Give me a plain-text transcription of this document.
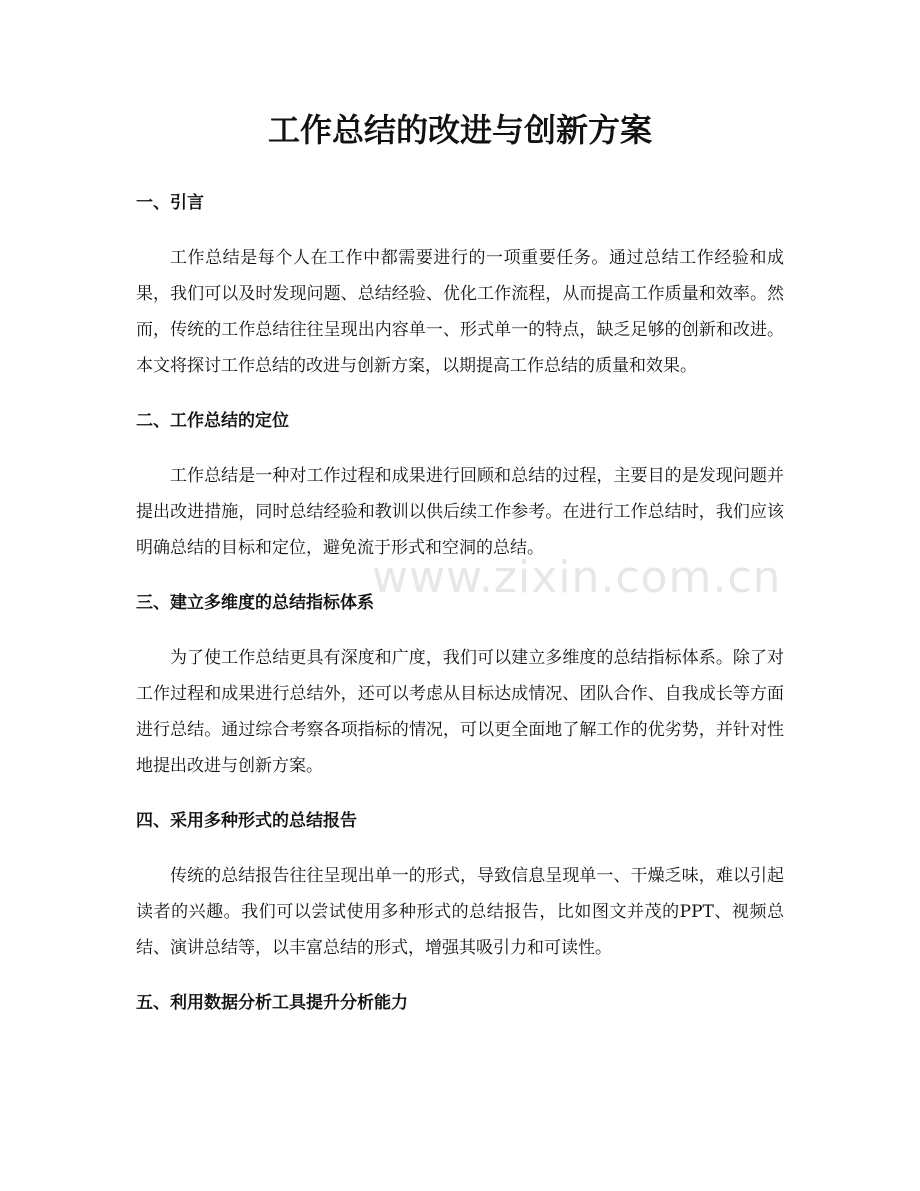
工作总结的改进与创新方案
一、引言

工作总结是每个人在工作中都需要进行的一项重要任务。通过总结工作经验和成果，我们可以及时发现问题、总结经验、优化工作流程，从而提高工作质量和效率。然而，传统的工作总结往往呈现出内容单一、形式单一的特点，缺乏足够的创新和改进。本文将探讨工作总结的改进与创新方案，以期提高工作总结的质量和效果。

二、工作总结的定位

工作总结是一种对工作过程和成果进行回顾和总结的过程，主要目的是发现问题并提出改进措施，同时总结经验和教训以供后续工作参考。在进行工作总结时，我们应该明确总结的目标和定位，避免流于形式和空洞的总结。

三、建立多维度的总结指标体系

为了使工作总结更具有深度和广度，我们可以建立多维度的总结指标体系。除了对工作过程和成果进行总结外，还可以考虑从目标达成情况、团队合作、自我成长等方面进行总结。通过综合考察各项指标的情况，可以更全面地了解工作的优劣势，并针对性地提出改进与创新方案。

四、采用多种形式的总结报告

传统的总结报告往往呈现出单一的形式，导致信息呈现单一、干燥乏味，难以引起读者的兴趣。我们可以尝试使用多种形式的总结报告，比如图文并茂的PPT、视频总结、演讲总结等，以丰富总结的形式，增强其吸引力和可读性。

五、利用数据分析工具提升分析能力
www.zixin.com.cn
